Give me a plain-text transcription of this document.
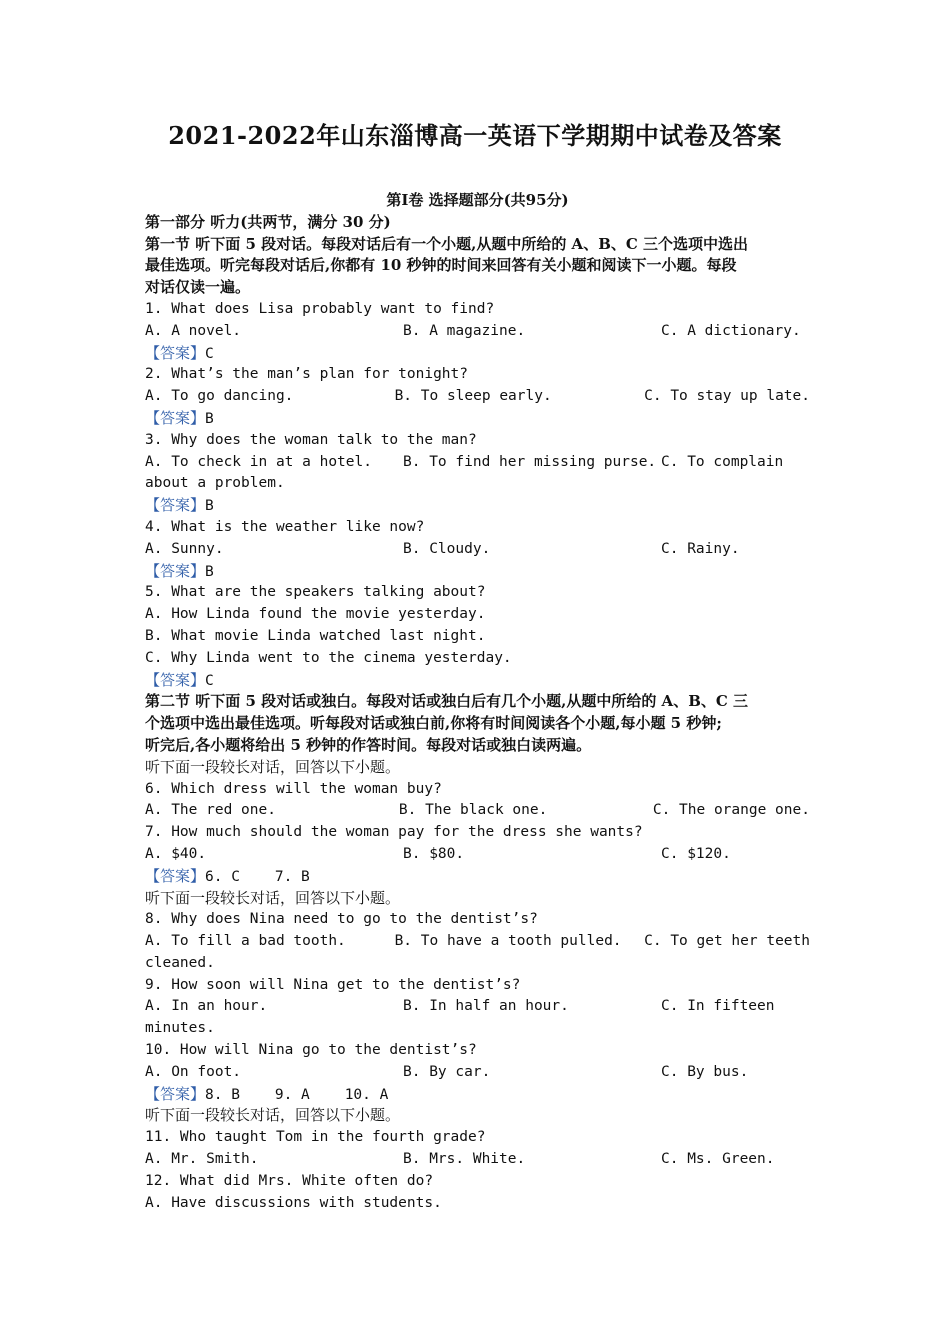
2021-2022年山东淄博高一英语下学期期中试卷及答案
第Ⅰ卷 选择题部分(共95分)
第一部分 听力(共两节，满分 30 分)
第一节 听下面 5 段对话。每段对话后有一个小题,从题中所给的 A、B、C 三个选项中选出
最佳选项。听完每段对话后,你都有 10 秒钟的时间来回答有关小题和阅读下一小题。每段
对话仅读一遍。
1. What does Lisa probably want to find?
A. A novel.	B. A magazine.	C. A dictionary.
【答案】C
2. What’s the man’s plan for tonight?
A. To go dancing.	B. To sleep early.	C. To stay up late.
【答案】B
3. Why does the woman talk to the man?
A. To check in at a hotel.	B. To find her missing purse. C. To complain
about a problem.
【答案】B
4. What is the weather like now?
A. Sunny.	B. Cloudy.	C. Rainy.
【答案】B
5. What are the speakers talking about?
A. How Linda found the movie yesterday.
B. What movie Linda watched last night.
C. Why Linda went to the cinema yesterday.
【答案】C
第二节 听下面 5 段对话或独白。每段对话或独白后有几个小题,从题中所给的 A、B、C 三
个选项中选出最佳选项。听每段对话或独白前,你将有时间阅读各个小题,每小题 5 秒钟;
听完后,各小题将给出 5 秒钟的作答时间。每段对话或独白读两遍。
听下面一段较长对话，回答以下小题。
6. Which dress will the woman buy?
A. The red one.	B. The black one.	C. The orange one.
7. How much should the woman pay for the dress she wants?
A. $40.	B. $80.	C. $120.
【答案】6. C    7. B
听下面一段较长对话，回答以下小题。
8. Why does Nina need to go to the dentist’s?
A. To fill a bad tooth.	B. To have a tooth pulled.	C. To get her teeth
cleaned.
9. How soon will Nina get to the dentist’s?
A. In an hour.	B. In half an hour.	C. In fifteen
minutes.
10. How will Nina go to the dentist’s?
A. On foot.	B. By car.	C. By bus.
【答案】8. B    9. A    10. A
听下面一段较长对话，回答以下小题。
11. Who taught Tom in the fourth grade?
A. Mr. Smith.	B. Mrs. White.	C. Ms. Green.
12. What did Mrs. White often do?
A. Have discussions with students.
